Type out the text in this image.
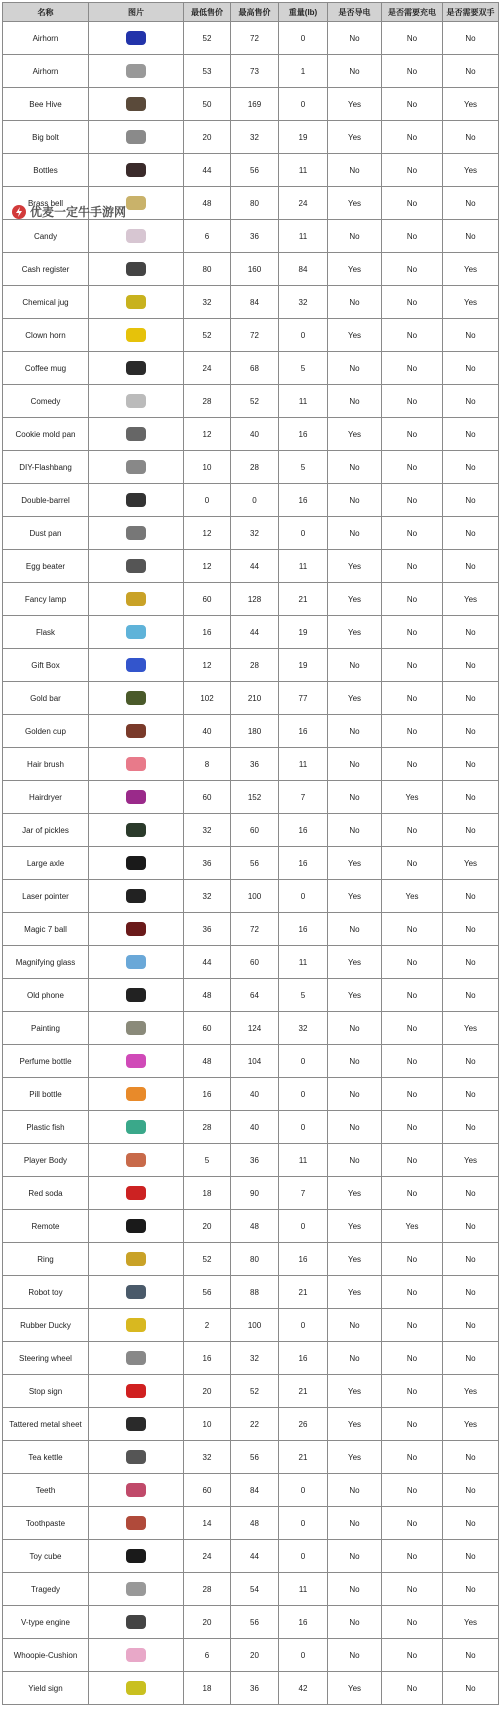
名称	图片	最低售价	最高售价	重量(lb)	是否导电	是否需要充电	是否需要双手
Airhorn		52	72	0	No	No	No
Airhorn		53	73	1	No	No	No
Bee Hive		50	169	0	Yes	No	Yes
Big bolt		20	32	19	Yes	No	No
Bottles		44	56	11	No	No	Yes
Brass bell		48	80	24	Yes	No	No
Candy		6	36	11	No	No	No
Cash register		80	160	84	Yes	No	Yes
Chemical jug		32	84	32	No	No	Yes
Clown horn		52	72	0	Yes	No	No
Coffee mug		24	68	5	No	No	No
Comedy		28	52	11	No	No	No
Cookie mold pan		12	40	16	Yes	No	No
DIY-Flashbang		10	28	5	No	No	No
Double-barrel		0	0	16	No	No	No
Dust pan		12	32	0	No	No	No
Egg beater		12	44	11	Yes	No	No
Fancy lamp		60	128	21	Yes	No	Yes
Flask		16	44	19	Yes	No	No
Gift Box		12	28	19	No	No	No
Gold bar		102	210	77	Yes	No	No
Golden cup		40	180	16	No	No	No
Hair brush		8	36	11	No	No	No
Hairdryer		60	152	7	No	Yes	No
Jar of pickles		32	60	16	No	No	No
Large axle		36	56	16	Yes	No	Yes
Laser pointer		32	100	0	Yes	Yes	No
Magic 7 ball		36	72	16	No	No	No
Magnifying glass		44	60	11	Yes	No	No
Old phone		48	64	5	Yes	No	No
Painting		60	124	32	No	No	Yes
Perfume bottle		48	104	0	No	No	No
Pill bottle		16	40	0	No	No	No
Plastic fish		28	40	0	No	No	No
Player Body		5	36	11	No	No	Yes
Red soda		18	90	7	Yes	No	No
Remote		20	48	0	Yes	Yes	No
Ring		52	80	16	Yes	No	No
Robot toy		56	88	21	Yes	No	No
Rubber Ducky		2	100	0	No	No	No
Steering wheel		16	32	16	No	No	No
Stop sign		20	52	21	Yes	No	Yes
Tattered metal sheet		10	22	26	Yes	No	Yes
Tea kettle		32	56	21	Yes	No	No
Teeth		60	84	0	No	No	No
Toothpaste		14	48	0	No	No	No
Toy cube		24	44	0	No	No	No
Tragedy		28	54	11	No	No	No
V-type engine		20	56	16	No	No	Yes
Whoopie-Cushion		6	20	0	No	No	No
Yield sign		18	36	42	Yes	No	No
优麦一定牛手游网
